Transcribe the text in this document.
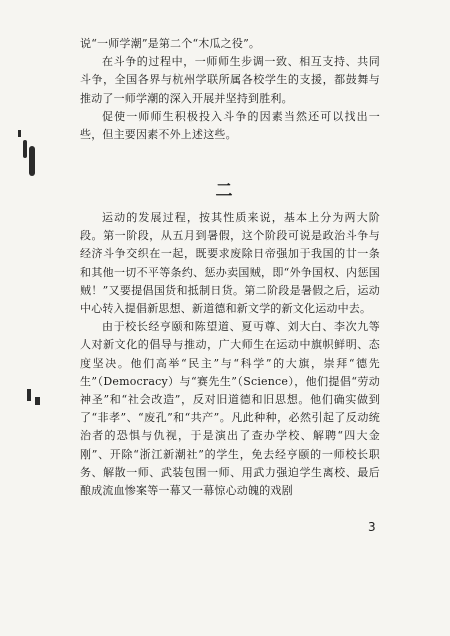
说“一师学潮”是第二个“木瓜之役”。

在斗争的过程中，一师师生步调一致、相互支持、共同斗争，全国各界与杭州学联所属各校学生的支援，都鼓舞与推动了一师学潮的深入开展并坚持到胜利。

促使一师师生积极投入斗争的因素当然还可以找出一些，但主要因素不外上述这些。

二

运动的发展过程，按其性质来说，基本上分为两大阶段。第一阶段，从五月到暑假，这个阶段可说是政治斗争与经济斗争交织在一起，既要求废除日帝强加于我国的廿一条和其他一切不平等条约、惩办卖国贼，即“外争国权、内惩国贼！”又要提倡国货和抵制日货。第二阶段是暑假之后，运动中心转入提倡新思想、新道德和新文学的新文化运动中去。

由于校长经亨颐和陈望道、夏丏尊、刘大白、李次九等人对新文化的倡导与推动，广大师生在运动中旗帜鲜明、态度坚决。他们高举“民主”与“科学”的大旗，崇拜“德先生”（Democracy）与“赛先生”（Science），他们提倡“劳动神圣”和“社会改造”，反对旧道德和旧思想。他们确实做到了“非孝”、“废孔”和“共产”。凡此种种，必然引起了反动统治者的恐惧与仇视，于是演出了查办学校、解聘“四大金刚”、开除“浙江新潮社”的学生，免去经亨颐的一师校长职务、解散一师、武装包围一师、用武力强迫学生离校、最后酿成流血惨案等一幕又一幕惊心动魄的戏剧

3
